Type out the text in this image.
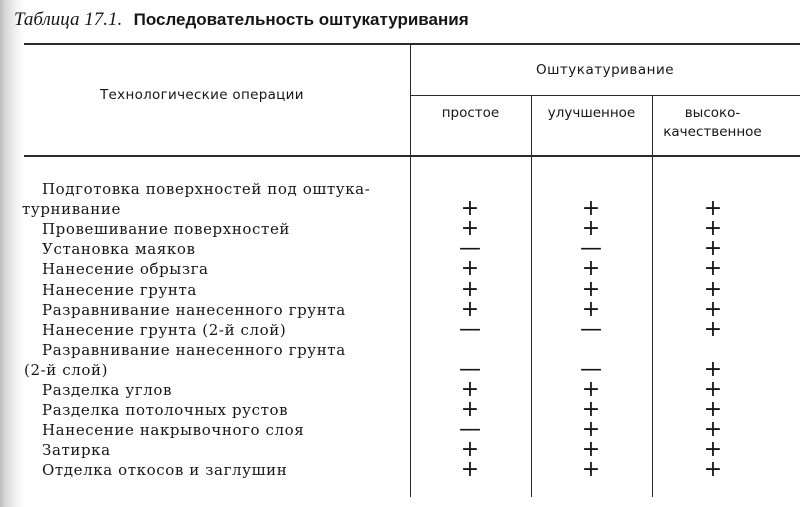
Таблица 17.1. Последовательность оштукатуривания
Технологические операции
Оштукатуривание
простое	улучшенное	высоко-
качественное
Подготовка поверхностей под оштука-
турнивание	+	+	+
Провешивание поверхностей	+	+	+
Установка маяков	—	—	+
Нанесение обрызга	+	+	+
Нанесение грунта	+	+	+
Разравнивание нанесенного грунта	+	+	+
Нанесение грунта (2-й слой)	—	—	+
Разравнивание нанесенного грунта
(2-й слой)	—	—	+
Разделка углов	+	+	+
Разделка потолочных рустов	+	+	+
Нанесение накрывочного слоя	—	+	+
Затирка	+	+	+
Отделка откосов и заглушин	+	+	+
